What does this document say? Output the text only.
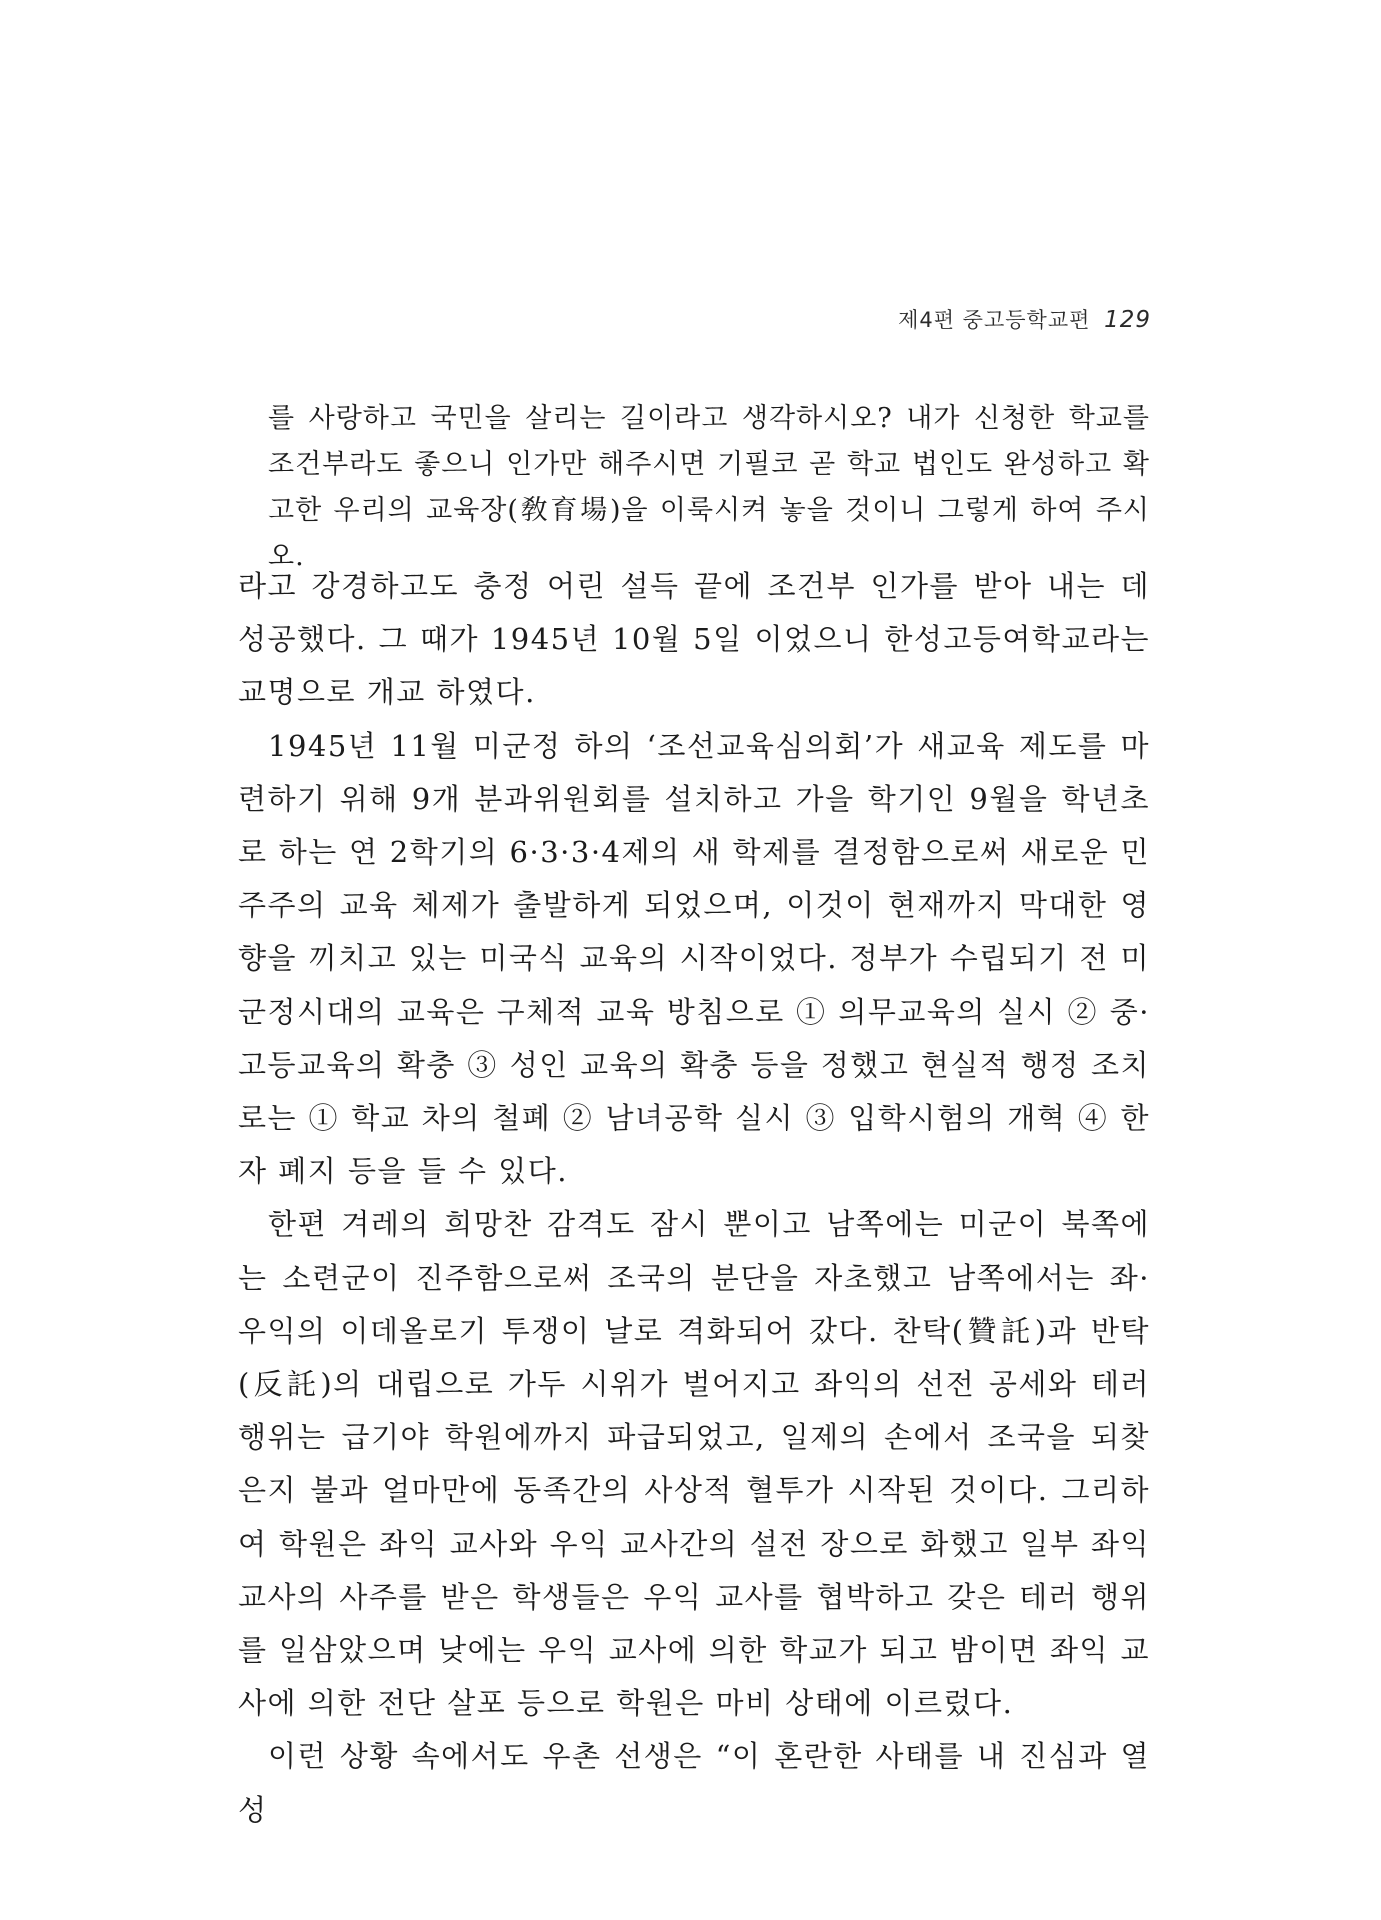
제4편 중고등학교편 129

를 사랑하고 국민을 살리는 길이라고 생각하시오? 내가 신청한 학교를 조건부라도 좋으니 인가만 해주시면 기필코 곧 학교 법인도 완성하고 확고한 우리의 교육장(敎育場)을 이룩시켜 놓을 것이니 그렇게 하여 주시오.

라고 강경하고도 충정 어린 설득 끝에 조건부 인가를 받아 내는 데 성공했다. 그 때가 1945년 10월 5일 이었으니 한성고등여학교라는 교명으로 개교 하였다.

1945년 11월 미군정 하의 ‘조선교육심의회’가 새교육 제도를 마련하기 위해 9개 분과위원회를 설치하고 가을 학기인 9월을 학년초로 하는 연 2학기의 6·3·3·4제의 새 학제를 결정함으로써 새로운 민주주의 교육 체제가 출발하게 되었으며, 이것이 현재까지 막대한 영향을 끼치고 있는 미국식 교육의 시작이었다. 정부가 수립되기 전 미군정시대의 교육은 구체적 교육 방침으로 ① 의무교육의 실시 ② 중·고등교육의 확충 ③ 성인 교육의 확충 등을 정했고 현실적 행정 조치로는 ① 학교 차의 철폐 ② 남녀공학 실시 ③ 입학시험의 개혁 ④ 한자 폐지 등을 들 수 있다.

한편 겨레의 희망찬 감격도 잠시 뿐이고 남쪽에는 미군이 북쪽에는 소련군이 진주함으로써 조국의 분단을 자초했고 남쪽에서는 좌·우익의 이데올로기 투쟁이 날로 격화되어 갔다. 찬탁(贊託)과 반탁(反託)의 대립으로 가두 시위가 벌어지고 좌익의 선전 공세와 테러 행위는 급기야 학원에까지 파급되었고, 일제의 손에서 조국을 되찾은지 불과 얼마만에 동족간의 사상적 혈투가 시작된 것이다. 그리하여 학원은 좌익 교사와 우익 교사간의 설전 장으로 화했고 일부 좌익 교사의 사주를 받은 학생들은 우익 교사를 협박하고 갖은 테러 행위를 일삼았으며 낮에는 우익 교사에 의한 학교가 되고 밤이면 좌익 교사에 의한 전단 살포 등으로 학원은 마비 상태에 이르렀다.

이런 상황 속에서도 우촌 선생은 “이 혼란한 사태를 내 진심과 열성
